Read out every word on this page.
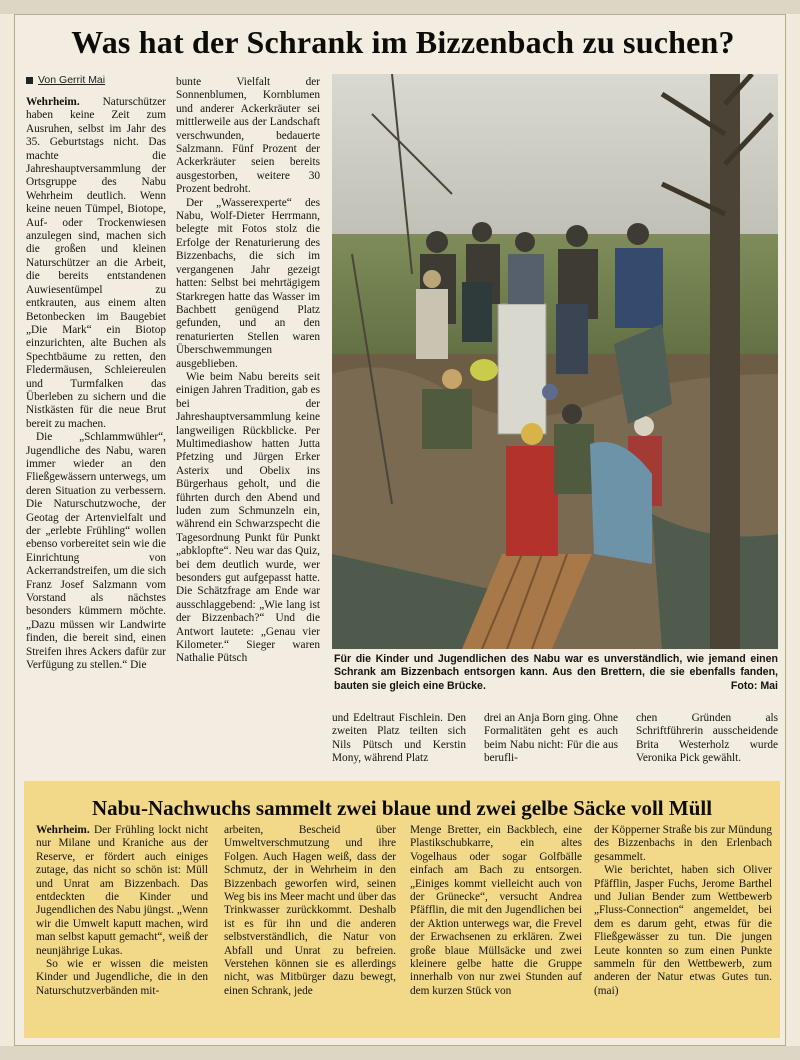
Was hat der Schrank im Bizzenbach zu suchen?
Von Gerrit Mai

Wehrheim. Naturschützer haben keine Zeit zum Ausruhen, selbst im Jahr des 35. Geburtstags nicht. Das machte die Jahreshauptversammlung der Ortsgruppe des Nabu Wehrheim deutlich. Wenn keine neuen Tümpel, Biotope, Auf- oder Trockenwiesen anzulegen sind, machen sich die großen und kleinen Naturschützer an die Arbeit, die bereits entstandenen Auwiesentümpel zu entkrauten, aus einem alten Betonbecken im Baugebiet „Die Mark“ ein Biotop einzurichten, alte Buchen als Spechtbäume zu retten, den Fledermäusen, Schleiereulen und Turmfalken das Überleben zu sichern und die Nistkästen für die neue Brut bereit zu machen.

Die „Schlammwühler“, Jugendliche des Nabu, waren immer wieder an den Fließgewässern unterwegs, um deren Situation zu verbessern. Die Naturschutzwoche, der Geotag der Artenvielfalt und der „erlebte Frühling“ wollen ebenso vorbereitet sein wie die Einrichtung von Ackerrandstreifen, um die sich Franz Josef Salzmann vom Vorstand als nächstes besonders kümmern möchte. „Dazu müssen wir Landwirte finden, die bereit sind, einen Streifen ihres Ackers dafür zur Verfügung zu stellen.“ Die

bunte Vielfalt der Sonnenblumen, Kornblumen und anderer Ackerkräuter sei mittlerweile aus der Landschaft verschwunden, bedauerte Salzmann. Fünf Prozent der Ackerkräuter seien bereits ausgestorben, weitere 30 Prozent bedroht.

Der „Wasserexperte“ des Nabu, Wolf-Dieter Herrmann, belegte mit Fotos stolz die Erfolge der Renaturierung des Bizzenbachs, die sich im vergangenen Jahr gezeigt hatten: Selbst bei mehrtägigem Starkregen hatte das Wasser im Bachbett genügend Platz gefunden, und an den renaturierten Stellen waren Überschwemmungen ausgeblieben.

Wie beim Nabu bereits seit einigen Jahren Tradition, gab es bei der Jahreshauptversammlung keine langweiligen Rückblicke. Per Multimediashow hatten Jutta Pfetzing und Jürgen Erker Asterix und Obelix ins Bürgerhaus geholt, und die führten durch den Abend und luden zum Schmunzeln ein, während ein Schwarzspecht die Tagesordnung Punkt für Punkt „abklopfte“. Neu war das Quiz, bei dem deutlich wurde, wer besonders gut aufgepasst hatte. Die Schätzfrage am Ende war ausschlaggebend: „Wie lang ist der Bizzenbach?“ Und die Antwort lautete: „Genau vier Kilometer.“ Sieger waren Nathalie Pütsch	Für die Kinder und Jugendlichen des Nabu war es unverständlich, wie jemand einen Schrank am Bizzenbach entsorgen kann. Aus den Brettern, die sie ebenfalls fanden, bauten sie gleich eine Brücke.	Foto: Mai
und Edeltraut Fischlein. Den zweiten Platz teilten sich Nils Pütsch und Kerstin Mony, während Platz
drei an Anja Born ging. Ohne Formalitäten geht es auch beim Nabu nicht: Für die aus berufli-
chen Gründen als Schriftführerin ausscheidende Brita Westerholz wurde Veronika Pick gewählt.
Nabu-Nachwuchs sammelt zwei blaue und zwei gelbe Säcke voll Müll

Wehrheim. Der Frühling lockt nicht nur Milane und Kraniche aus der Reserve, er fördert auch einiges zutage, das nicht so schön ist: Müll und Unrat am Bizzenbach. Das entdeckten die Kinder und Jugendlichen des Nabu jüngst. „Wenn wir die Umwelt kaputt machen, wird man selbst kaputt gemacht“, weiß der neunjährige Lukas.

So wie er wissen die meisten Kinder und Jugendliche, die in den Naturschutzverbänden mit-

arbeiten, Bescheid über Umweltverschmutzung und ihre Folgen. Auch Hagen weiß, dass der Schmutz, der in Wehrheim in den Bizzenbach geworfen wird, seinen Weg bis ins Meer macht und über das Trinkwasser zurückkommt. Deshalb ist es für ihn und die anderen selbstverständlich, die Natur von Abfall und Unrat zu befreien. Verstehen können sie es allerdings nicht, was Mitbürger dazu bewegt, einen Schrank, jede
Menge Bretter, ein Backblech, eine Plastikschubkarre, ein altes Vogelhaus oder sogar Golfbälle einfach am Bach zu entsorgen. „Einiges kommt vielleicht auch von der Grünecke“, versucht Andrea Pfäfflin, die mit den Jugendlichen bei der Aktion unterwegs war, die Frevel der Erwachsenen zu erklären. Zwei große blaue Müllsäcke und zwei kleinere gelbe hatte die Gruppe innerhalb von nur zwei Stunden auf dem kurzen Stück von

der Köpperner Straße bis zur Mündung des Bizzenbachs in den Erlenbach gesammelt.

Wie berichtet, haben sich Oliver Pfäfflin, Jasper Fuchs, Jerome Barthel und Julian Bender zum Wettbewerb „Fluss-Connection“ angemeldet, bei dem es darum geht, etwas für die Fließgewässer zu tun. Die jungen Leute konnten so zum einen Punkte sammeln für den Wettbewerb, zum anderen der Natur etwas Gutes tun. (mai)
